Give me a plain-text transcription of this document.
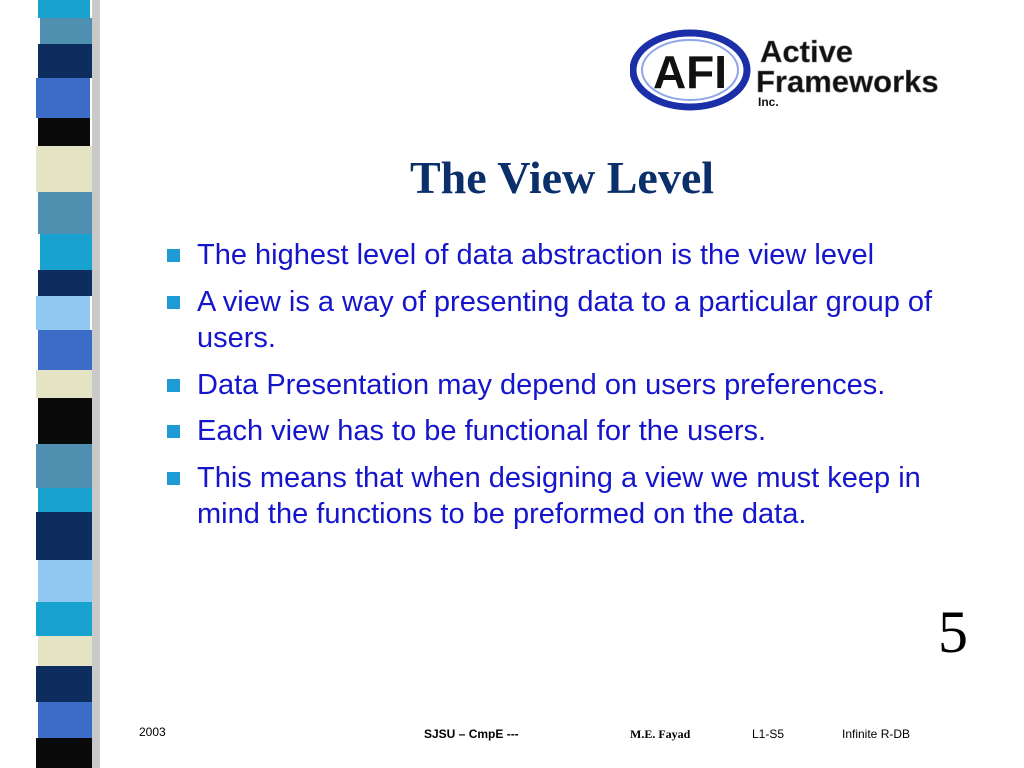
AFI Active
Frameworks
Inc.
The View Level
The highest level of data abstraction is the view level
A view is a way of presenting data to a particular group of users.
Data Presentation may depend on users preferences.
Each view has to be functional for the users.
This means that when designing a view we must keep in mind the functions to be preformed on the data.
5
2003	SJSU – CmpE ---	M.E. Fayad	L1-S5	Infinite R-DB
